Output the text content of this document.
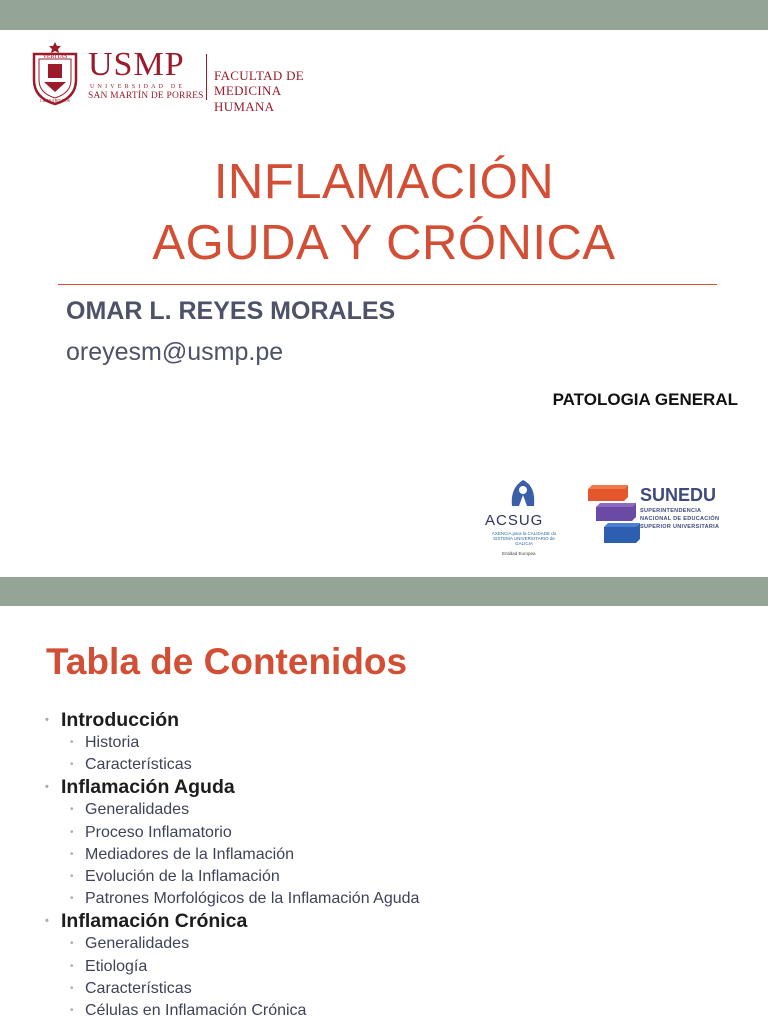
VERITAS
LIBERABIT VOS
USMP
UNIVERSIDAD DE
SAN MARTÍN DE PORRES
FACULTAD DE
MEDICINA HUMANA
INFLAMACIÓN
AGUDA Y CRÓNICA
OMAR L. REYES MORALES
oreyesm@usmp.pe
PATOLOGIA GENERAL
ACSUG
AXENCIA para la CALIDADE do SISTEMA UNIVERSITARIO de GALICIA
Entidad Europea
SUNEDU
SUPERINTENDENCIA
NACIONAL DE EDUCACIÓN
SUPERIOR UNIVERSITARIA
Tabla de Contenidos
• Introducción
• Historia
• Características
• Inflamación Aguda
• Generalidades
• Proceso Inflamatorio
• Mediadores de la Inflamación
• Evolución de la Inflamación
• Patrones Morfológicos de la Inflamación Aguda
• Inflamación Crónica
• Generalidades
• Etiología
• Características
• Células en Inflamación Crónica
